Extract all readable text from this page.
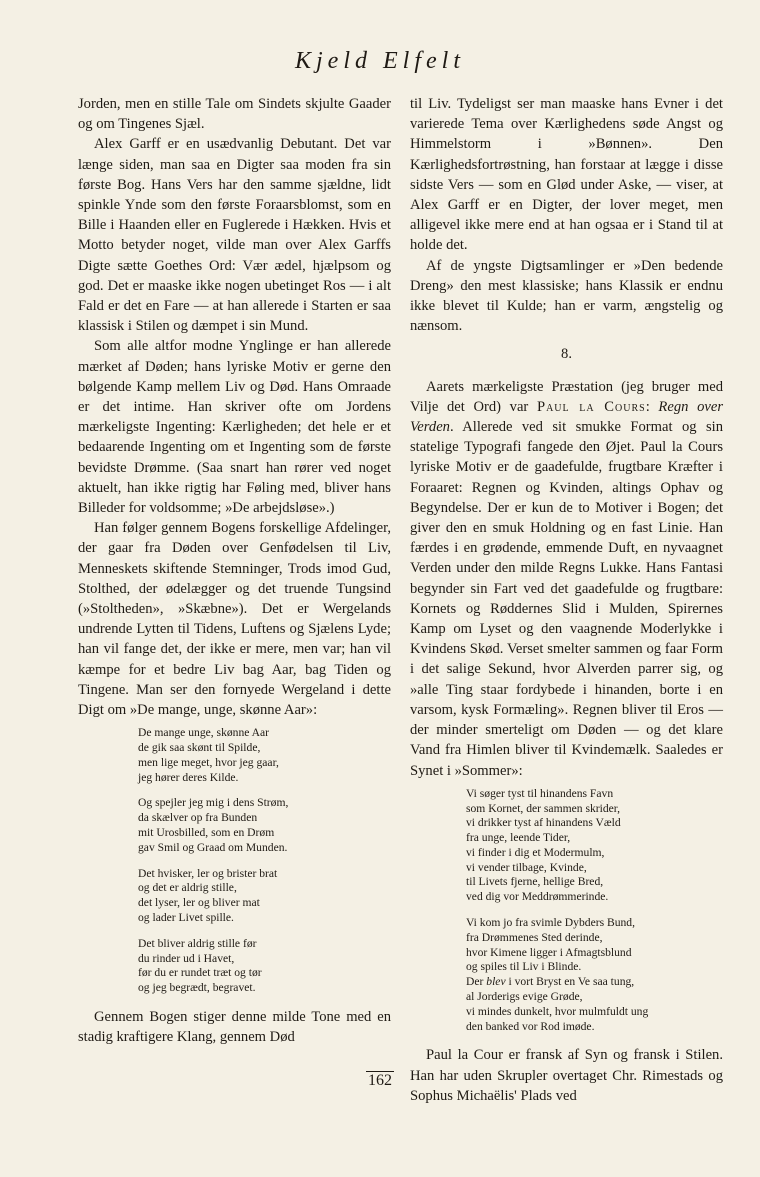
Kjeld Elfelt

Jorden, men en stille Tale om Sindets skjulte Gaader og om Tingenes Sjæl.

Alex Garff er en usædvanlig Debutant. Det var længe siden, man saa en Digter saa moden fra sin første Bog. Hans Vers har den samme sjældne, lidt spinkle Ynde som den første Foraarsblomst, som en Bille i Haanden eller en Fuglerede i Hækken. Hvis et Motto betyder noget, vilde man over Alex Garffs Digte sætte Goethes Ord: Vær ædel, hjælpsom og god. Det er maaske ikke nogen ubetinget Ros — i alt Fald er det en Fare — at han allerede i Starten er saa klassisk i Stilen og dæmpet i sin Mund.

Som alle altfor modne Ynglinge er han allerede mærket af Døden; hans lyriske Motiv er gerne den bølgende Kamp mellem Liv og Død. Hans Omraade er det intime. Han skriver ofte om Jordens mærkeligste Ingenting: Kærligheden; det hele er et bedaarende Ingenting om et Ingenting som de første bevidste Drømme. (Saa snart han rører ved noget aktuelt, han ikke rigtig har Føling med, bliver hans Billeder for voldsomme; »De arbejdsløse».)

Han følger gennem Bogens forskellige Afdelinger, der gaar fra Døden over Genfødelsen til Liv, Menneskets skiftende Stemninger, Trods imod Gud, Stolthed, der ødelægger og det truende Tungsind (»Stoltheden», »Skæbne»). Det er Wergelands undrende Lytten til Tidens, Luftens og Sjælens Lyde; han vil fange det, der ikke er mere, men var; han vil kæmpe for et bedre Liv bag Aar, bag Tiden og Tingene. Man ser den fornyede Wergeland i dette Digt om »De mange, unge, skønne Aar»:

De mange unge, skønne Aar
de gik saa skønt til Spilde,
men lige meget, hvor jeg gaar,
jeg hører deres Kilde.
Og spejler jeg mig i dens Strøm,
da skælver op fra Bunden
mit Urosbilled, som en Drøm
gav Smil og Graad om Munden.
Det hvisker, ler og brister brat
og det er aldrig stille,
det lyser, ler og bliver mat
og lader Livet spille.
Det bliver aldrig stille før
du rinder ud i Havet,
før du er rundet træt og tør
og jeg begrædt, begravet.

Gennem Bogen stiger denne milde Tone med en stadig kraftigere Klang, gennem Død

til Liv. Tydeligst ser man maaske hans Evner i det varierede Tema over Kærlighedens søde Angst og Himmelstorm i »Bønnen». Den Kærlighedsfortrøstning, han forstaar at lægge i disse sidste Vers — som en Glød under Aske, — viser, at Alex Garff er en Digter, der lover meget, men alligevel ikke mere end at han ogsaa er i Stand til at holde det.

Af de yngste Digtsamlinger er »Den bedende Dreng» den mest klassiske; hans Klassik er endnu ikke blevet til Kulde; han er varm, ængstelig og nænsom.

8.

Aarets mærkeligste Præstation (jeg bruger med Vilje det Ord) var Paul la Cours: Regn over Verden. Allerede ved sit smukke Format og sin statelige Typografi fangede den Øjet. Paul la Cours lyriske Motiv er de gaadefulde, frugtbare Kræfter i Foraaret: Regnen og Kvinden, altings Ophav og Begyndelse. Der er kun de to Motiver i Bogen; det giver den en smuk Holdning og en fast Linie. Han færdes i en grødende, emmende Duft, en nyvaagnet Verden under den milde Regns Lukke. Hans Fantasi begynder sin Fart ved det gaadefulde og frugtbare: Kornets og Røddernes Slid i Mulden, Spirernes Kamp om Lyset og den vaagnende Moderlykke i Kvindens Skød. Verset smelter sammen og faar Form i det salige Sekund, hvor Alverden parrer sig, og »alle Ting staar fordybede i hinanden, borte i en varsom, kysk Formæling». Regnen bliver til Eros — der minder smerteligt om Døden — og det klare Vand fra Himlen bliver til Kvindemælk. Saaledes er Synet i »Sommer»:

Vi søger tyst til hinandens Favn
som Kornet, der sammen skrider,
vi drikker tyst af hinandens Væld
fra unge, leende Tider,
vi finder i dig et Modermulm,
vi vender tilbage, Kvinde,
til Livets fjerne, hellige Bred,
ved dig vor Meddrømmerinde.
Vi kom jo fra svimle Dybders Bund,
fra Drømmenes Sted derinde,
hvor Kimene ligger i Afmagtsblund
og spiles til Liv i Blinde.
Der blev i vort Bryst en Ve saa tung,
al Jorderigs evige Grøde,
vi mindes dunkelt, hvor mulmfuldt ung
den banked vor Rod imøde.

Paul la Cour er fransk af Syn og fransk i Stilen. Han har uden Skrupler overtaget Chr. Rimestads og Sophus Michaëlis' Plads ved

162
